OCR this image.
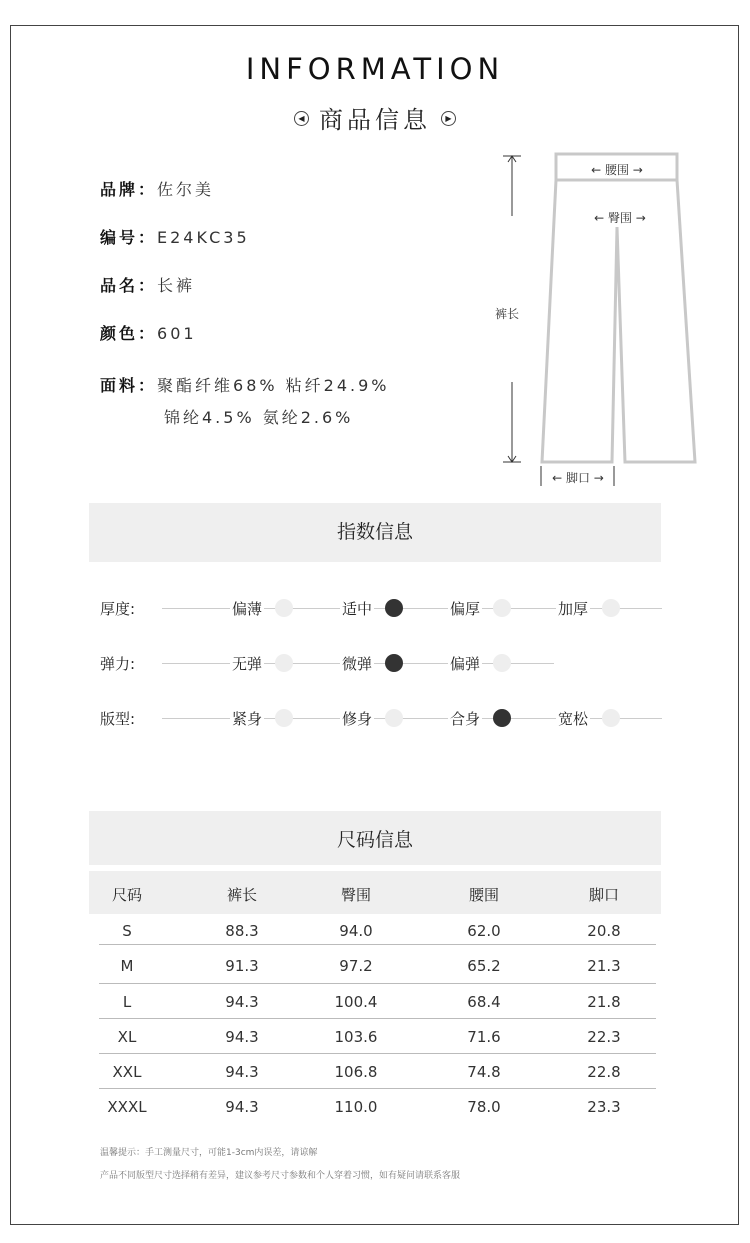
INFORMATION
◀ 商品信息 ▶
品牌：佐尔美
编号：E24KC35
品名：长裤
颜色：601
面料：聚酯纤维68% 粘纤24.9%
锦纶4.5% 氨纶2.6%
← 腰围 →
← 臀围 →
裤长
← 脚口 →
指数信息
厚度:	偏薄	适中	偏厚	加厚
弹力:	无弹	微弹	偏弹
版型:	紧身	修身	合身	宽松
尺码信息
尺码	裤长	臀围	腰围	脚口
S	88.3	94.0	62.0	20.8
M	91.3	97.2	65.2	21.3
L	94.3	100.4	68.4	21.8
XL	94.3	103.6	71.6	22.3
XXL	94.3	106.8	74.8	22.8
XXXL	94.3	110.0	78.0	23.3
温馨提示：手工测量尺寸，可能1-3cm内误差，请谅解
产品不同版型尺寸选择稍有差异，建议参考尺寸参数和个人穿着习惯，如有疑问请联系客服
